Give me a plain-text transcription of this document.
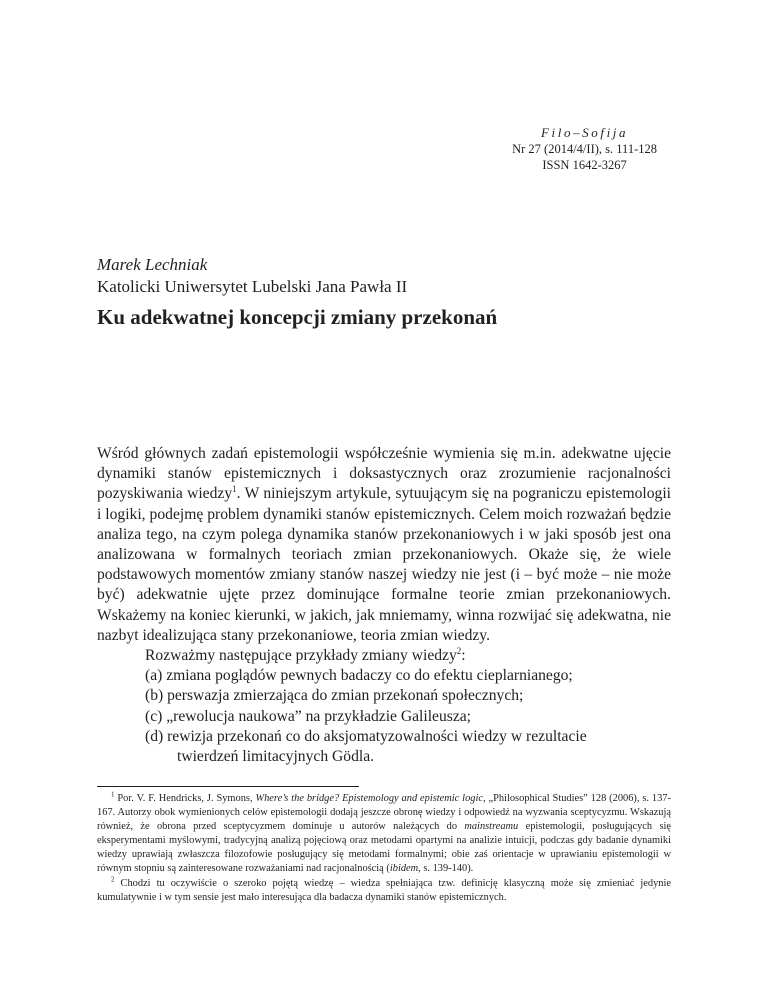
Filo–Sofija
Nr 27 (2014/4/II), s. 111-128
ISSN 1642-3267
Marek Lechniak
Katolicki Uniwersytet Lubelski Jana Pawła II
Ku adekwatnej koncepcji zmiany przekonań

Wśród głównych zadań epistemologii współcześnie wymienia się m.in. adekwatne ujęcie dynamiki stanów epistemicznych i doksastycznych oraz zrozumienie racjonalności pozyskiwania wiedzy$^1$. W niniejszym artykule, sytuującym się na pograniczu epistemologii i logiki, podejmę problem dynamiki stanów epistemicznych. Celem moich rozważań będzie analiza tego, na czym polega dynamika stanów przekonaniowych i w jaki sposób jest ona analizowana w formalnych teoriach zmian przekonaniowych. Okaże się, że wiele podstawowych momentów zmiany stanów naszej wiedzy nie jest (i – być może – nie może być) adekwatnie ujęte przez dominujące formalne teorie zmian przekonaniowych. Wskażemy na koniec kierunki, w jakich, jak mniemamy, winna rozwijać się adekwatna, nie nazbyt idealizująca stany przekonaniowe, teoria zmian wiedzy.

Rozważmy następujące przykłady zmiany wiedzy$^2$:

(a) zmiana poglądów pewnych badaczy co do efektu cieplarnianego;

(b) perswazja zmierzająca do zmian przekonań społecznych;

(c) „rewolucja naukowa” na przykładzie Galileusza;

(d) rewizja przekonań co do aksjomatyzowalności wiedzy w rezultacie

twierdzeń limitacyjnych Gödla.

$^1$ Por. V. F. Hendricks, J. Symons, Where’s the bridge? Epistemology and epistemic logic, „Philosophical Studies” 128 (2006), s. 137-167. Autorzy obok wymienionych celów epistemologii dodają jeszcze obronę wiedzy i odpowiedź na wyzwania sceptycyzmu. Wskazują również, że obrona przed sceptycyzmem dominuje u autorów należących do mainstreamu epistemologii, posługujących się eksperymentami myślowymi, tradycyjną analizą pojęciową oraz metodami opartymi na analizie intuicji, podczas gdy badanie dynamiki wiedzy uprawiają zwłaszcza filozofowie posługujący się metodami formalnymi; obie zaś orientacje w uprawianiu epistemologii w równym stopniu są zainteresowane rozważaniami nad racjonalnością (ibidem, s. 139-140).

$^2$ Chodzi tu oczywiście o szeroko pojętą wiedzę – wiedza spełniająca tzw. definicję klasyczną może się zmieniać jedynie kumulatywnie i w tym sensie jest mało interesująca dla badacza dynamiki stanów epistemicznych.
